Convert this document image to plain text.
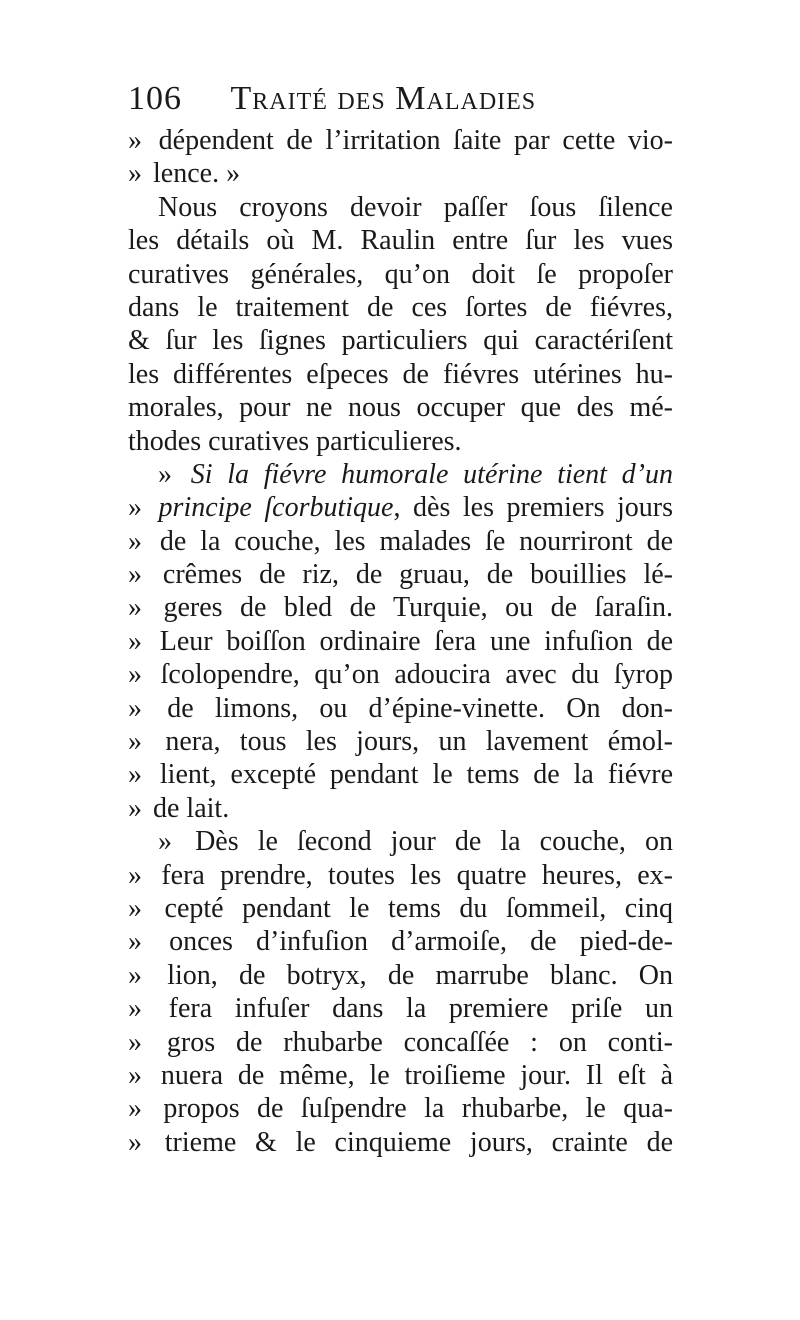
106 Traité des Maladies
» dépendent de l’irritation ſaite par cette vio-
» lence. »
Nous croyons devoir paſſer ſous ſilence
les détails où M. Raulin entre ſur les vues
curatives générales, qu’on doit ſe propoſer
dans le traitement de ces ſortes de fiévres,
& ſur les ſignes particuliers qui caractériſent
les différentes eſpeces de fiévres utérines hu-
morales, pour ne nous occuper que des mé-
thodes curatives particulieres.
» Si la fiévre humorale utérine tient d’un
» principe ſcorbutique, dès les premiers jours
» de la couche, les malades ſe nourriront de
» crêmes de riz, de gruau, de bouillies lé-
» geres de bled de Turquie, ou de ſaraſin.
» Leur boiſſon ordinaire ſera une infuſion de
» ſcolopendre, qu’on adoucira avec du ſyrop
» de limons, ou d’épine-vinette. On don-
» nera, tous les jours, un lavement émol-
» lient, excepté pendant le tems de la fiévre
» de lait.
» Dès le ſecond jour de la couche, on
» fera prendre, toutes les quatre heures, ex-
» cepté pendant le tems du ſommeil, cinq
» onces d’infuſion d’armoiſe, de pied-de-
» lion, de botryx, de marrube blanc. On
» fera infuſer dans la premiere priſe un
» gros de rhubarbe concaſſée : on conti-
» nuera de même, le troiſieme jour. Il eſt à
» propos de ſuſpendre la rhubarbe, le qua-
» trieme & le cinquieme jours, crainte de
